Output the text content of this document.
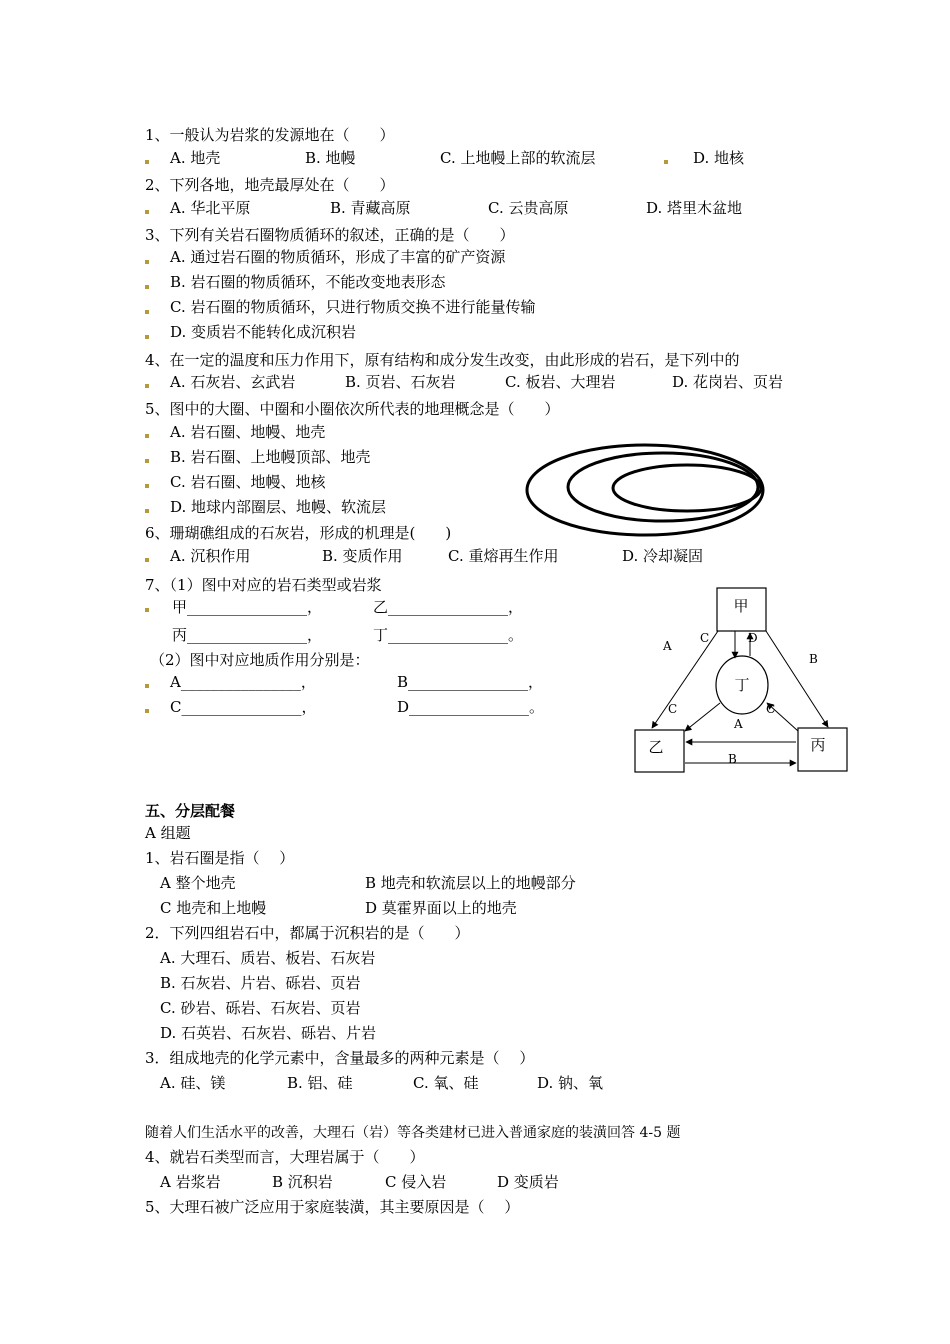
1、一般认为岩浆的发源地在（　　）
A. 地壳	B. 地幔	C. 上地幔上部的软流层	D. 地核
2、下列各地，地壳最厚处在（　　）
A. 华北平原	B. 青藏高原	C. 云贵高原	D. 塔里木盆地
3、下列有关岩石圈物质循环的叙述，正确的是（　　）
A. 通过岩石圈的物质循环，形成了丰富的矿产资源
B. 岩石圈的物质循环，不能改变地表形态
C. 岩石圈的物质循环，只进行物质交换不进行能量传输
D. 变质岩不能转化成沉积岩
4、在一定的温度和压力作用下，原有结构和成分发生改变，由此形成的岩石，是下列中的
A. 石灰岩、玄武岩	B. 页岩、石灰岩	C. 板岩、大理岩	D. 花岗岩、页岩
5、图中的大圈、中圈和小圈依次所代表的地理概念是（　　）
A. 岩石圈、地幔、地壳
B. 岩石圈、上地幔顶部、地壳
C. 岩石圈、地幔、地核
D. 地球内部圈层、地幔、软流层
6、珊瑚礁组成的石灰岩，形成的机理是(　　)
A. 沉积作用	B. 变质作用	C. 重熔再生作用	D. 冷却凝固
7、（1）图中对应的岩石类型或岩浆
甲________________，	乙________________，
丙________________，	丁________________。
（2）图中对应地质作用分别是：
A________________，	B________________，
C________________，	D________________。
甲
乙	丙
丁
A
C	D
B
C
A
C
B
五、分层配餐
A 组题
1、岩石圈是指（　 ）
A 整个地壳	B 地壳和软流层以上的地幔部分
C 地壳和上地幔	D 莫霍界面以上的地壳
2．下列四组岩石中，都属于沉积岩的是（　　）
A. 大理石、质岩、板岩、石灰岩
B. 石灰岩、片岩、砾岩、页岩
C. 砂岩、砾岩、石灰岩、页岩
D. 石英岩、石灰岩、砾岩、片岩
3．组成地壳的化学元素中，含量最多的两种元素是（　 ）
A. 硅、镁	B. 铝、硅	C. 氧、硅	D. 钠、氧
随着人们生活水平的改善，大理石（岩）等各类建材已进入普通家庭的装潢回答 4-5 题
4、就岩石类型而言，大理岩属于（　　）
A 岩浆岩	B 沉积岩	C 侵入岩	D 变质岩
5、大理石被广泛应用于家庭装潢，其主要原因是（　 ）
